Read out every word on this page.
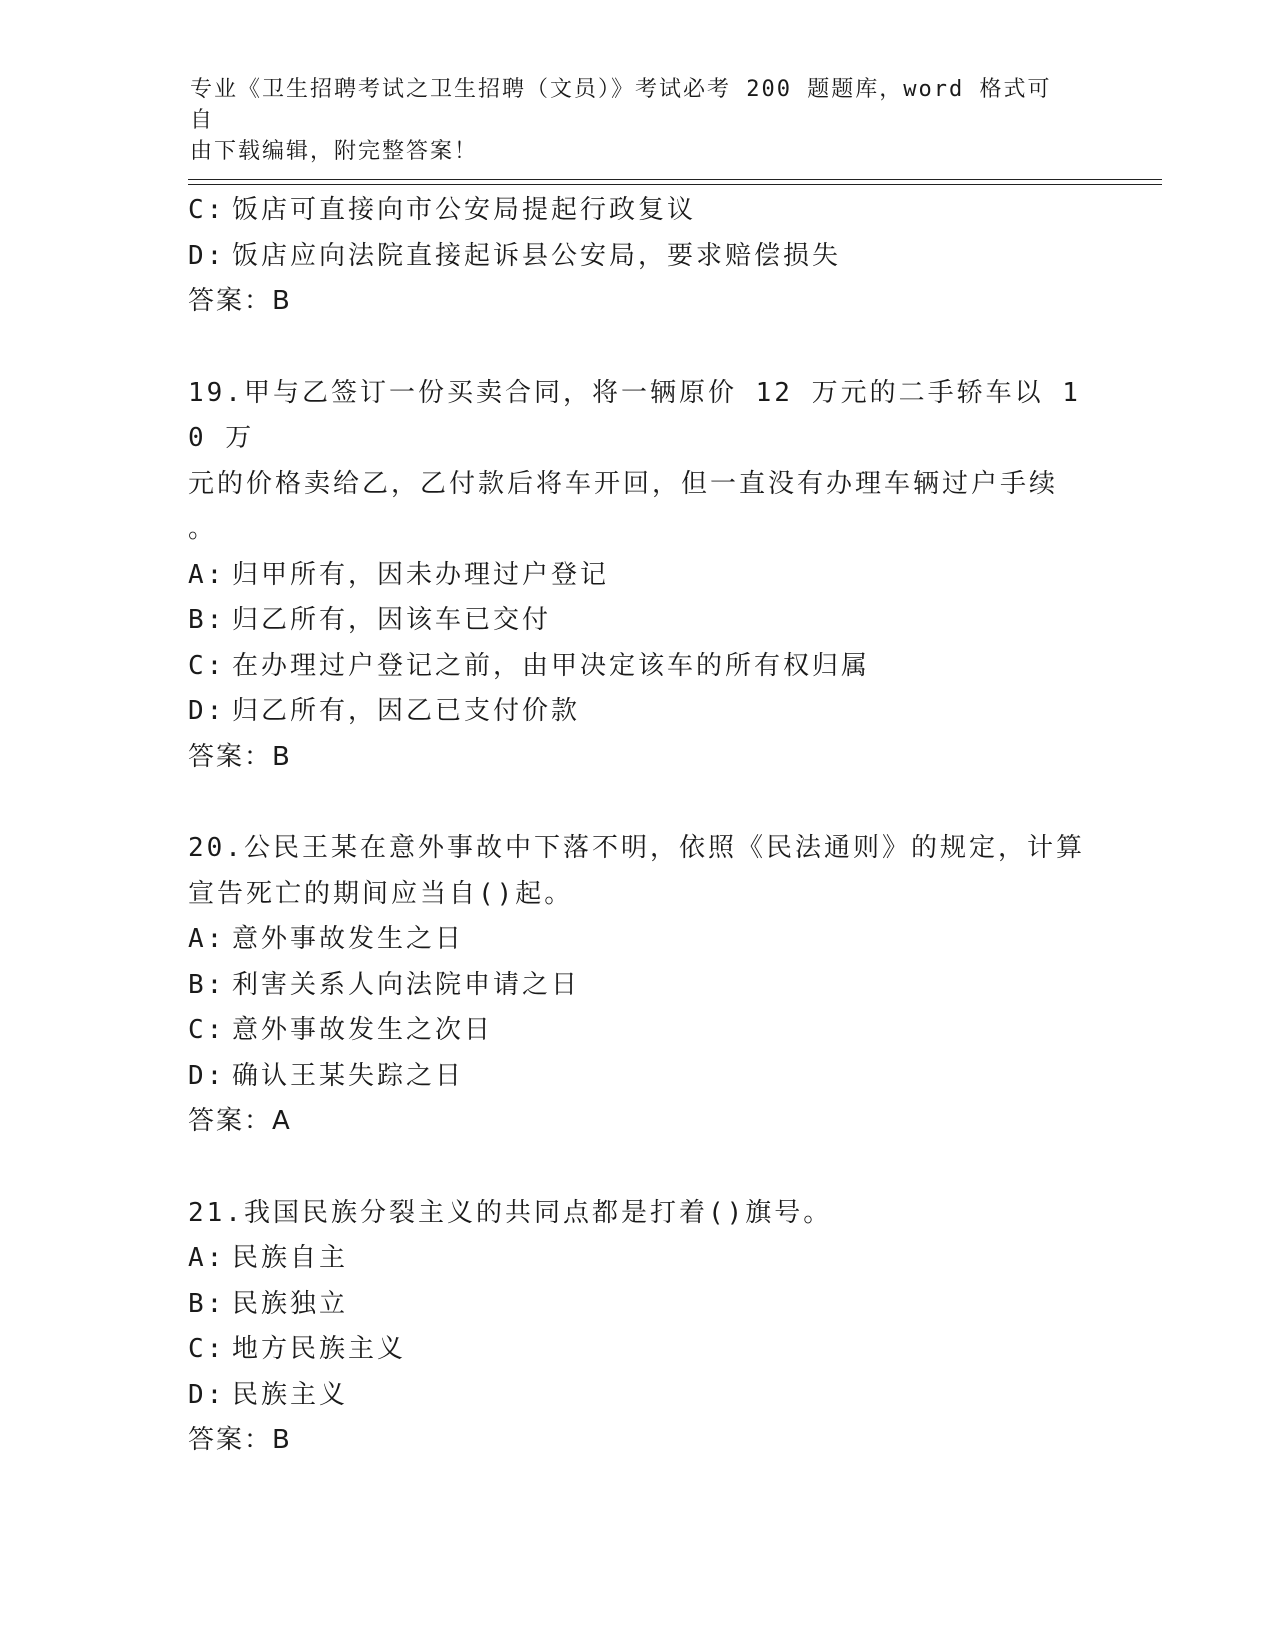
专业《卫生招聘考试之卫生招聘（文员）》考试必考 200 题题库，word 格式可自
由下载编辑，附完整答案！

C: 饭店可直接向市公安局提起行政复议

D: 饭店应向法院直接起诉县公安局，要求赔偿损失

答案：B

19.甲与乙签订一份买卖合同，将一辆原价 12 万元的二手轿车以 10 万

元的价格卖给乙，乙付款后将车开回，但一直没有办理车辆过户手续

。

A: 归甲所有，因未办理过户登记

B: 归乙所有，因该车已交付

C: 在办理过户登记之前，由甲决定该车的所有权归属

D: 归乙所有，因乙已支付价款

答案：B

20.公民王某在意外事故中下落不明，依照《民法通则》的规定，计算

宣告死亡的期间应当自()起。

A: 意外事故发生之日

B: 利害关系人向法院申请之日

C: 意外事故发生之次日

D: 确认王某失踪之日

答案：A

21.我国民族分裂主义的共同点都是打着()旗号。

A: 民族自主

B: 民族独立

C: 地方民族主义

D: 民族主义

答案：B
